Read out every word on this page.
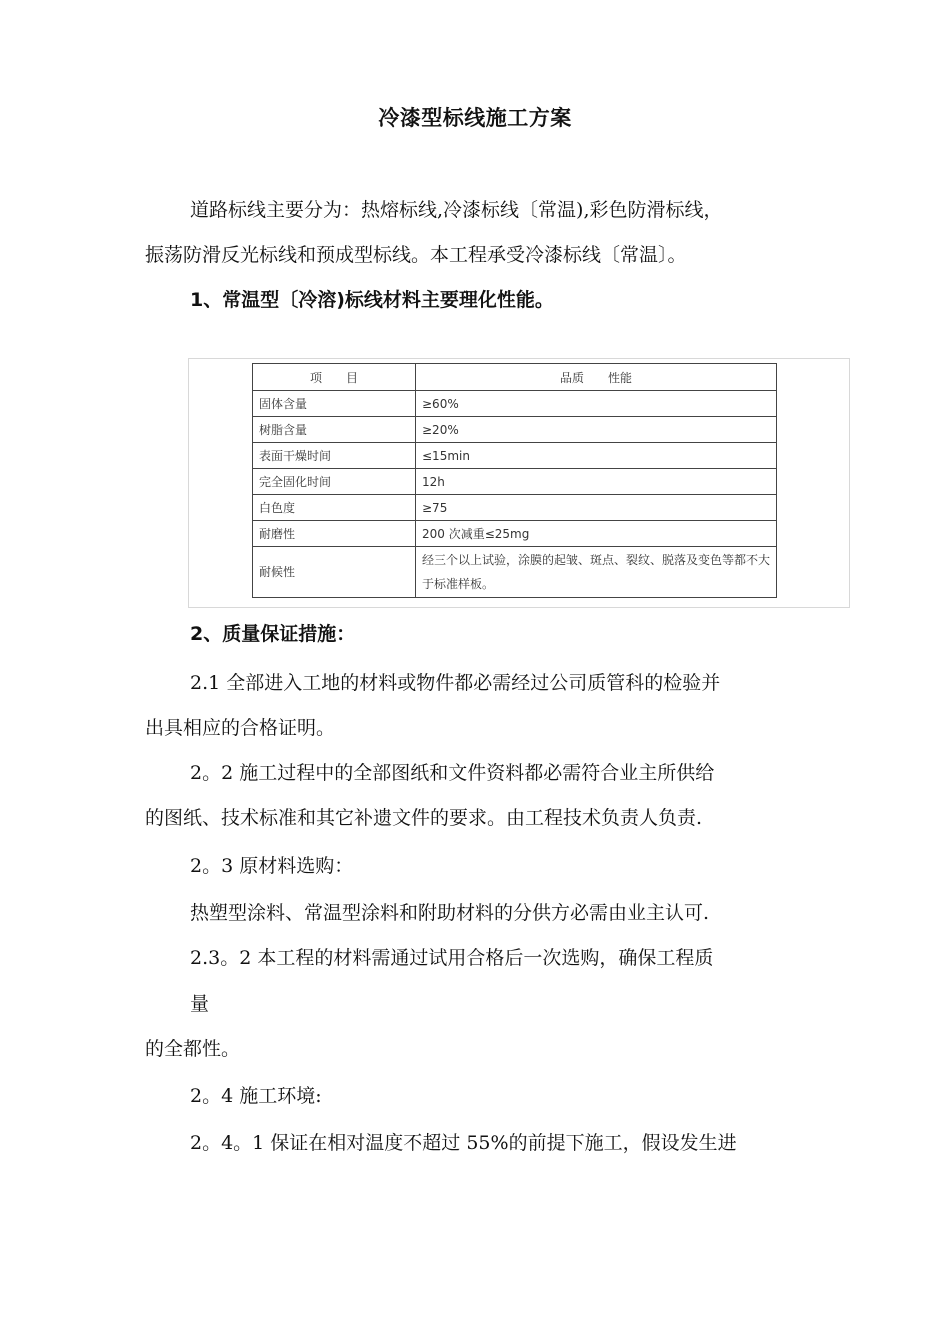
冷漆型标线施工方案
道路标线主要分为：热熔标线,冷漆标线〔常温),彩色防滑标线，
振荡防滑反光标线和预成型标线。本工程承受冷漆标线〔常温〕。
1、常温型〔冷溶)标线材料主要理化性能。
项　　目	品质　　性能
固体含量	≥60%
树脂含量	≥20%
表面干燥时间	≤15min
完全固化时间	12h
白色度	≥75
耐磨性	200 次减重≤25mg
耐候性	经三个以上试验，涂膜的起皱、斑点、裂纹、脱落及变色等都不大于标准样板。
2、质量保证措施：
2.1 全部进入工地的材料或物件都必需经过公司质管科的检验并
出具相应的合格证明。
2。2 施工过程中的全部图纸和文件资料都必需符合业主所供给
的图纸、技术标准和其它补遗文件的要求。由工程技术负责人负责.
2。3 原材料选购：
热塑型涂料、常温型涂料和附助材料的分供方必需由业主认可.
2.3。2 本工程的材料需通过试用合格后一次选购，确保工程质
量
的全都性。
2。4 施工环境:
2。4。1 保证在相对温度不超过 55%的前提下施工，假设发生进
